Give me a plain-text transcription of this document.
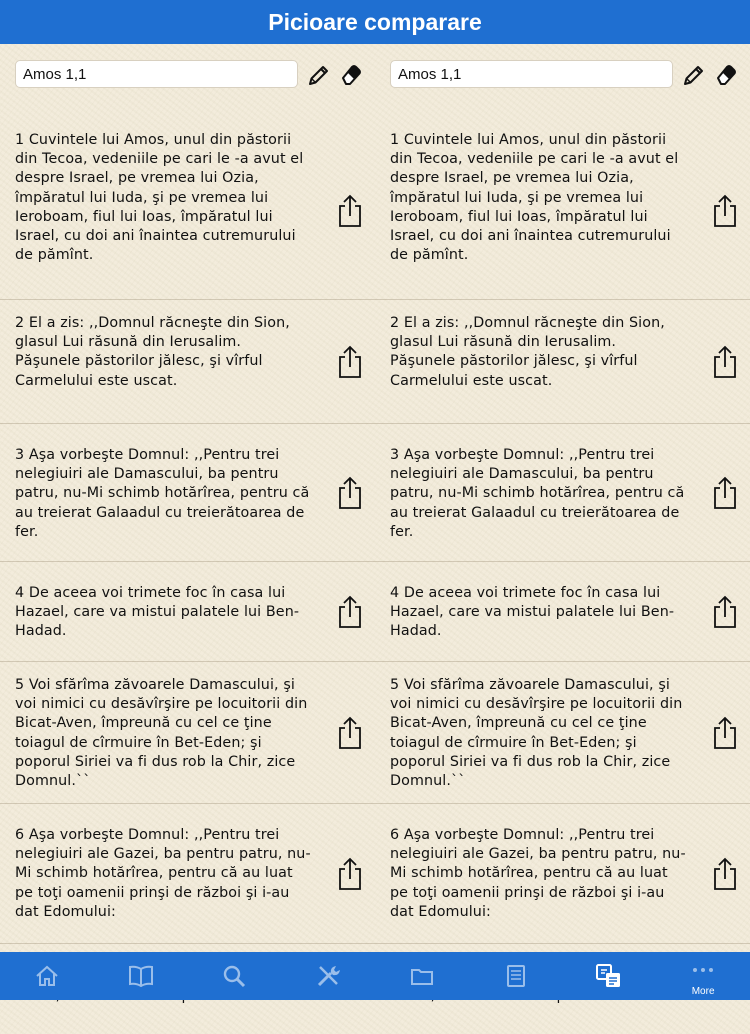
Picioare comparare
Amos 1,1
1 Cuvintele lui Amos, unul din păstorii
din Tecoa, vedeniile pe cari le -a avut el
despre Israel, pe vremea lui Ozia,
împăratul lui Iuda, şi pe vremea lui
Ieroboam, fiul lui Ioas, împăratul lui
Israel, cu doi ani înaintea cutremurului
de pămînt.
2 El a zis: ,,Domnul răcneşte din Sion,
glasul Lui răsună din Ierusalim.
Păşunele păstorilor jălesc, şi vîrful
Carmelului este uscat.
3 Aşa vorbeşte Domnul: ,,Pentru trei
nelegiuiri ale Damascului, ba pentru
patru, nu-Mi schimb hotărîrea, pentru că
au treierat Galaadul cu treierătoarea de
fer.
4 De aceea voi trimete foc în casa lui
Hazael, care va mistui palatele lui Ben-
Hadad.
5 Voi sfărîma zăvoarele Damascului, şi
voi nimici cu desăvîrşire pe locuitorii din
Bicat-Aven, împreună cu cel ce ţine
toiagul de cîrmuire în Bet-Eden; şi
poporul Siriei va fi dus rob la Chir, zice
Domnul.``
6 Aşa vorbeşte Domnul: ,,Pentru trei
nelegiuiri ale Gazei, ba pentru patru, nu-
Mi schimb hotărîrea, pentru că au luat
pe toţi oamenii prinşi de război şi i-au
dat Edomului:
Amos 1,1
1 Cuvintele lui Amos, unul din păstorii
din Tecoa, vedeniile pe cari le -a avut el
despre Israel, pe vremea lui Ozia,
împăratul lui Iuda, şi pe vremea lui
Ieroboam, fiul lui Ioas, împăratul lui
Israel, cu doi ani înaintea cutremurului
de pămînt.
2 El a zis: ,,Domnul răcneşte din Sion,
glasul Lui răsună din Ierusalim.
Păşunele păstorilor jălesc, şi vîrful
Carmelului este uscat.
3 Aşa vorbeşte Domnul: ,,Pentru trei
nelegiuiri ale Damascului, ba pentru
patru, nu-Mi schimb hotărîrea, pentru că
au treierat Galaadul cu treierătoarea de
fer.
4 De aceea voi trimete foc în casa lui
Hazael, care va mistui palatele lui Ben-
Hadad.
5 Voi sfărîma zăvoarele Damascului, şi
voi nimici cu desăvîrşire pe locuitorii din
Bicat-Aven, împreună cu cel ce ţine
toiagul de cîrmuire în Bet-Eden; şi
poporul Siriei va fi dus rob la Chir, zice
Domnul.``
6 Aşa vorbeşte Domnul: ,,Pentru trei
nelegiuiri ale Gazei, ba pentru patru, nu-
Mi schimb hotărîrea, pentru că au luat
pe toţi oamenii prinşi de război şi i-au
dat Edomului:
More
